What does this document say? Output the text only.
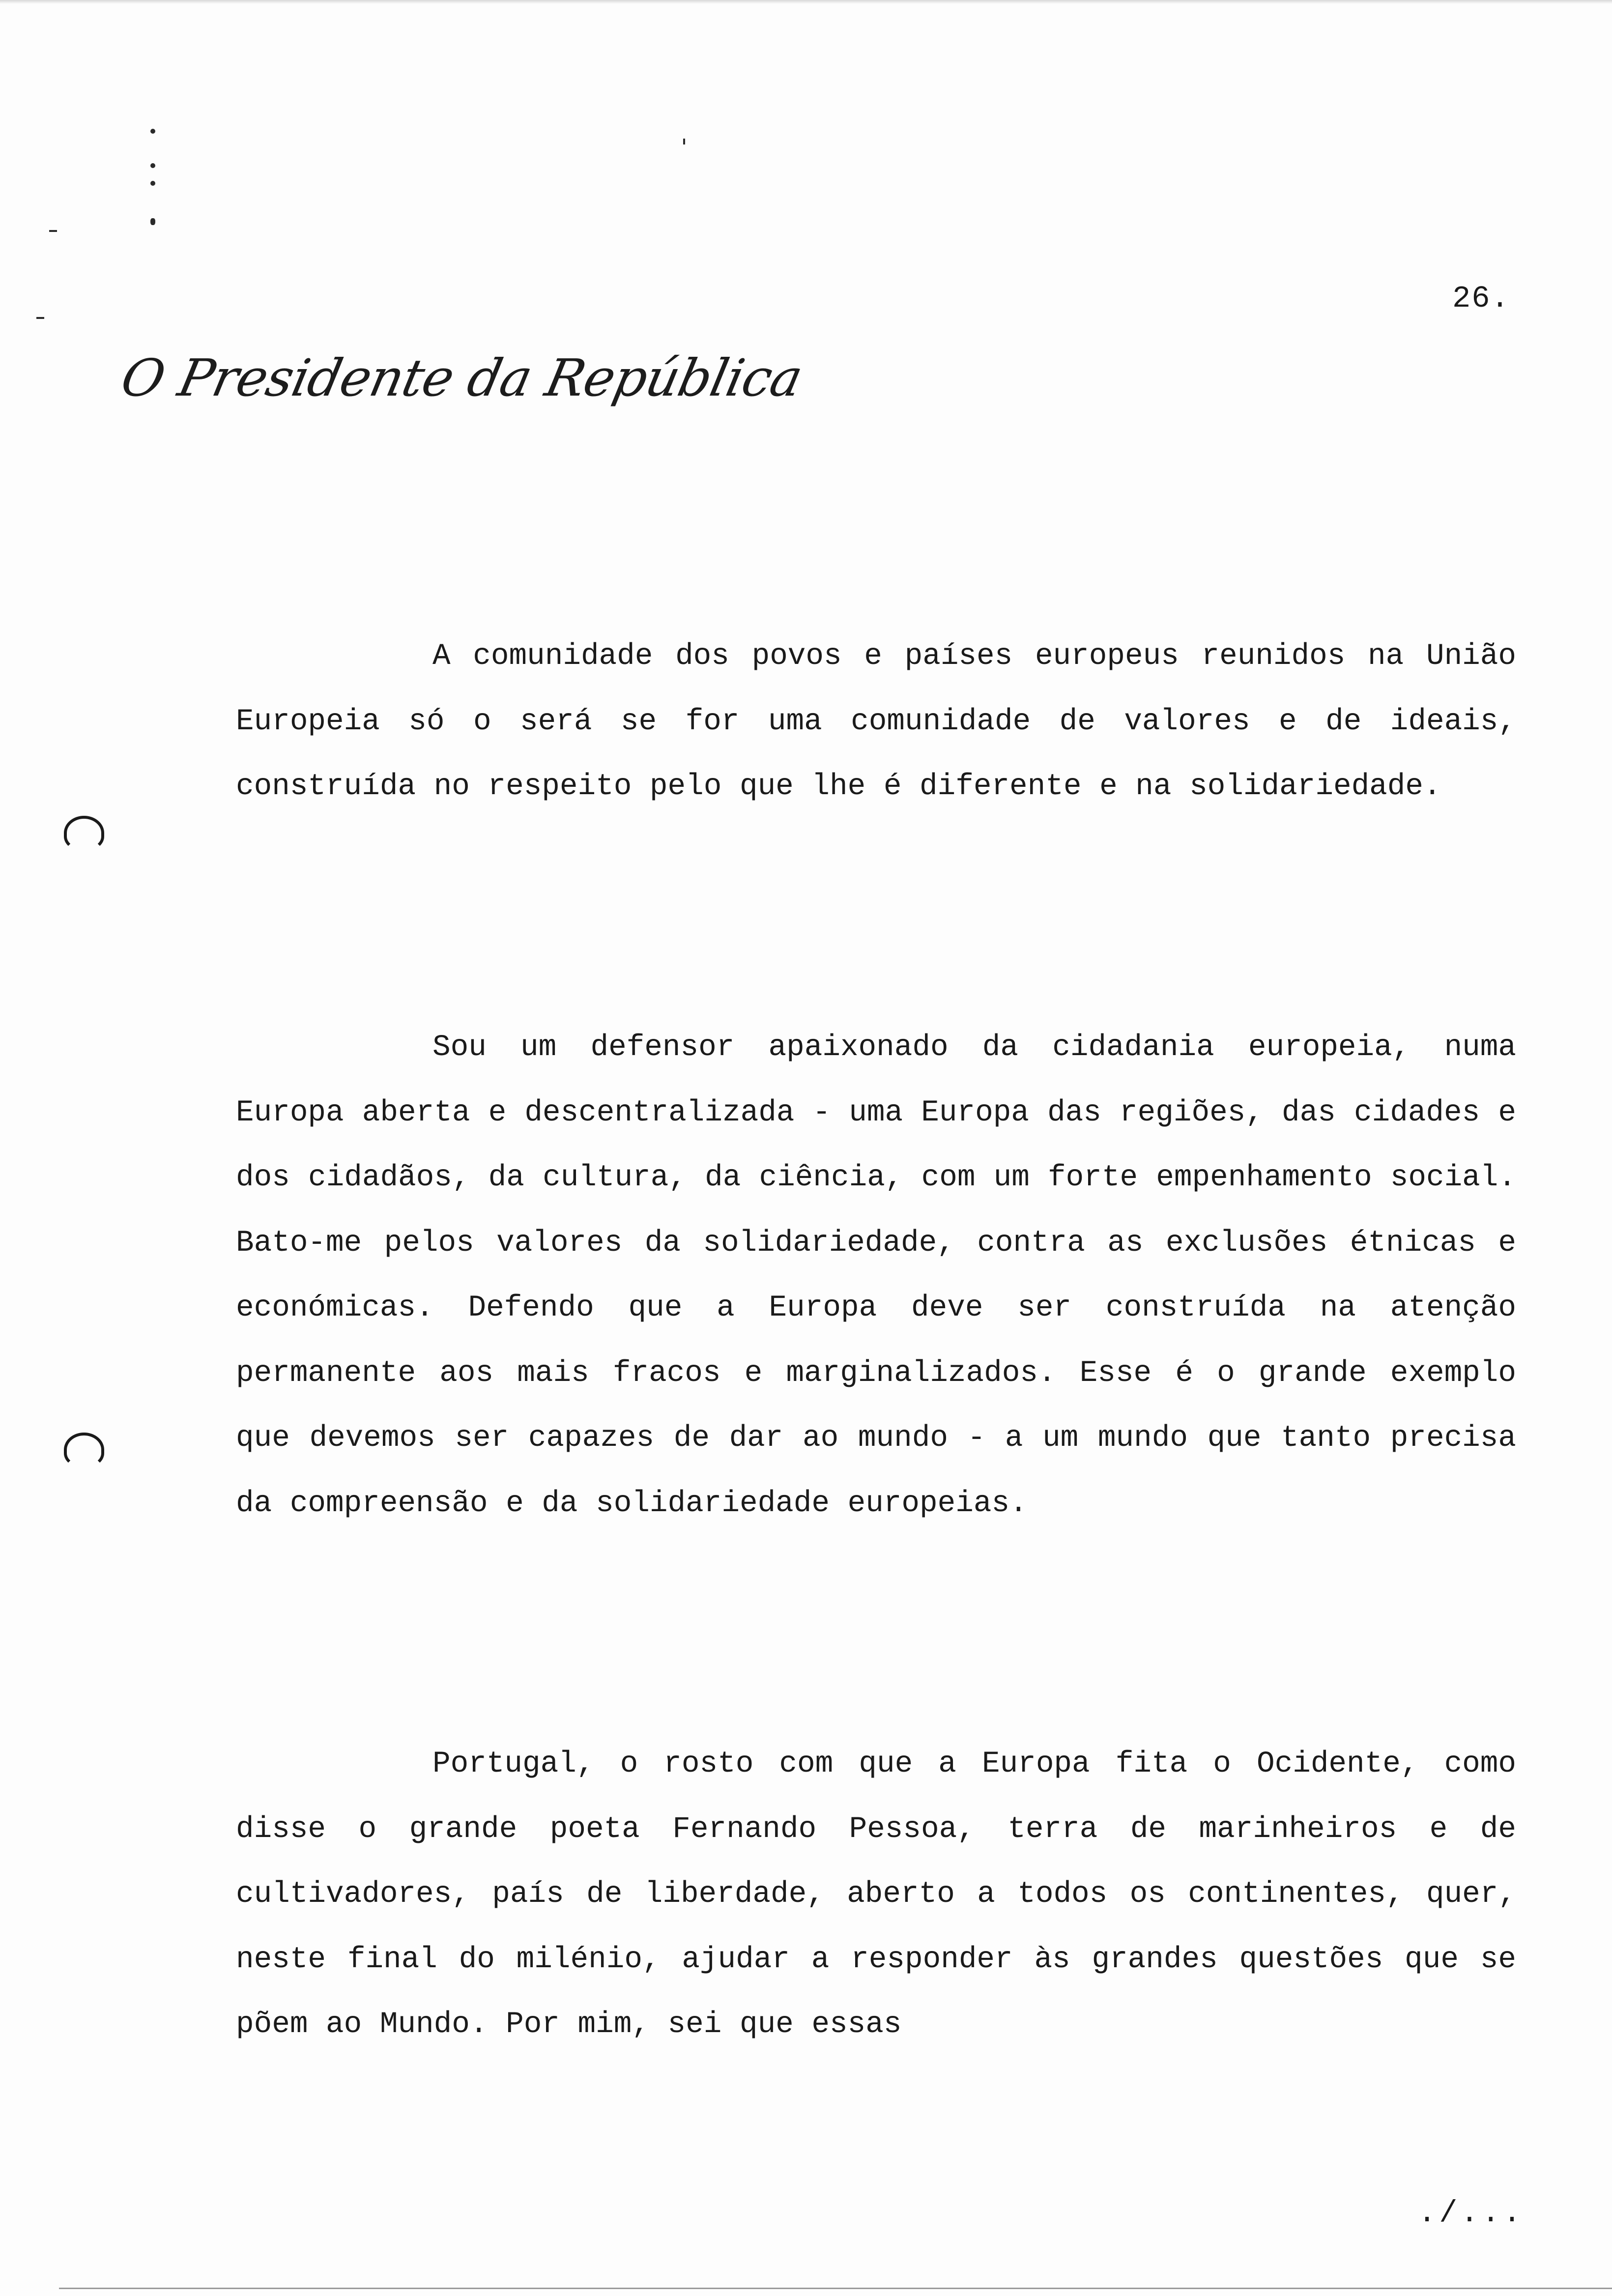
26.
O Presidente da República

A comunidade dos povos e países europeus reunidos na União Europeia só o será se for uma comunidade de valores e de ideais, construída no respeito pelo que lhe é diferente e na solidariedade.

Sou um defensor apaixonado da cidadania europeia, numa Europa aberta e descentralizada - uma Europa das regiões, das cidades e dos cidadãos, da cultura, da ciência, com um forte empenhamento social. Bato-me pelos valores da solidariedade, contra as exclusões étnicas e económicas. Defendo que a Europa deve ser construída na atenção permanente aos mais fracos e marginalizados. Esse é o grande exemplo que devemos ser capazes de dar ao mundo - a um mundo que tanto precisa da compreensão e da solidariedade europeias.

Portugal, o rosto com que a Europa fita o Ocidente, como disse o grande poeta Fernando Pessoa, terra de marinheiros e de cultivadores, país de liberdade, aberto a todos os continentes, quer, neste final do milénio, ajudar a responder às grandes questões que se põem ao Mundo. Por mim, sei que essas

./...
